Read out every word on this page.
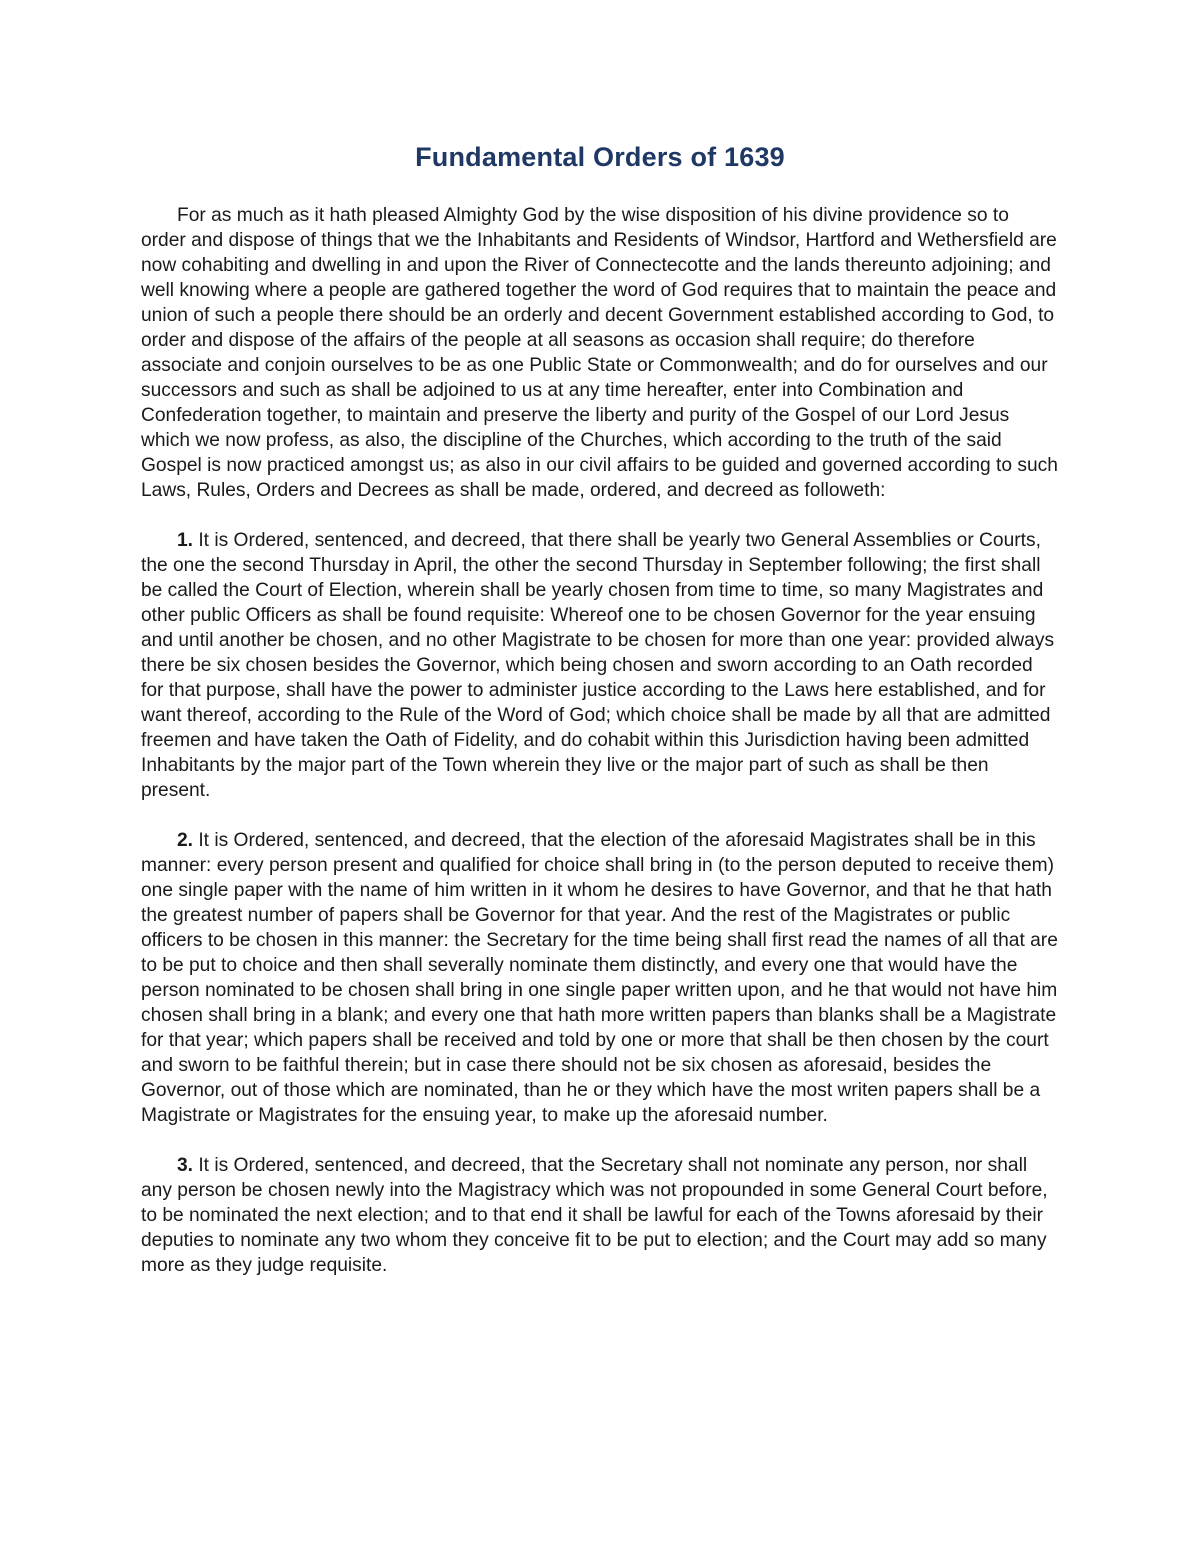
Fundamental Orders of 1639

For as much as it hath pleased Almighty God by the wise disposition of his divine providence so to order and dispose of things that we the Inhabitants and Residents of Windsor, Hartford and Wethersfield are now cohabiting and dwelling in and upon the River of Connectecotte and the lands thereunto adjoining; and well knowing where a people are gathered together the word of God requires that to maintain the peace and union of such a people there should be an orderly and decent Government established according to God, to order and dispose of the affairs of the people at all seasons as occasion shall require; do therefore associate and conjoin ourselves to be as one Public State or Commonwealth; and do for ourselves and our successors and such as shall be adjoined to us at any time hereafter, enter into Combination and Confederation together, to maintain and preserve the liberty and purity of the Gospel of our Lord Jesus which we now profess, as also, the discipline of the Churches, which according to the truth of the said Gospel is now practiced amongst us; as also in our civil affairs to be guided and governed according to such Laws, Rules, Orders and Decrees as shall be made, ordered, and decreed as followeth:

1. It is Ordered, sentenced, and decreed, that there shall be yearly two General Assemblies or Courts, the one the second Thursday in April, the other the second Thursday in September following; the first shall be called the Court of Election, wherein shall be yearly chosen from time to time, so many Magistrates and other public Officers as shall be found requisite: Whereof one to be chosen Governor for the year ensuing and until another be chosen, and no other Magistrate to be chosen for more than one year: provided always there be six chosen besides the Governor, which being chosen and sworn according to an Oath recorded for that purpose, shall have the power to administer justice according to the Laws here established, and for want thereof, according to the Rule of the Word of God; which choice shall be made by all that are admitted freemen and have taken the Oath of Fidelity, and do cohabit within this Jurisdiction having been admitted Inhabitants by the major part of the Town wherein they live or the major part of such as shall be then present.

2. It is Ordered, sentenced, and decreed, that the election of the aforesaid Magistrates shall be in this manner: every person present and qualified for choice shall bring in (to the person deputed to receive them) one single paper with the name of him written in it whom he desires to have Governor, and that he that hath the greatest number of papers shall be Governor for that year. And the rest of the Magistrates or public officers to be chosen in this manner: the Secretary for the time being shall first read the names of all that are to be put to choice and then shall severally nominate them distinctly, and every one that would have the person nominated to be chosen shall bring in one single paper written upon, and he that would not have him chosen shall bring in a blank; and every one that hath more written papers than blanks shall be a Magistrate for that year; which papers shall be received and told by one or more that shall be then chosen by the court and sworn to be faithful therein; but in case there should not be six chosen as aforesaid, besides the Governor, out of those which are nominated, than he or they which have the most writen papers shall be a Magistrate or Magistrates for the ensuing year, to make up the aforesaid number.

3. It is Ordered, sentenced, and decreed, that the Secretary shall not nominate any person, nor shall any person be chosen newly into the Magistracy which was not propounded in some General Court before, to be nominated the next election; and to that end it shall be lawful for each of the Towns aforesaid by their deputies to nominate any two whom they conceive fit to be put to election; and the Court may add so many more as they judge requisite.
